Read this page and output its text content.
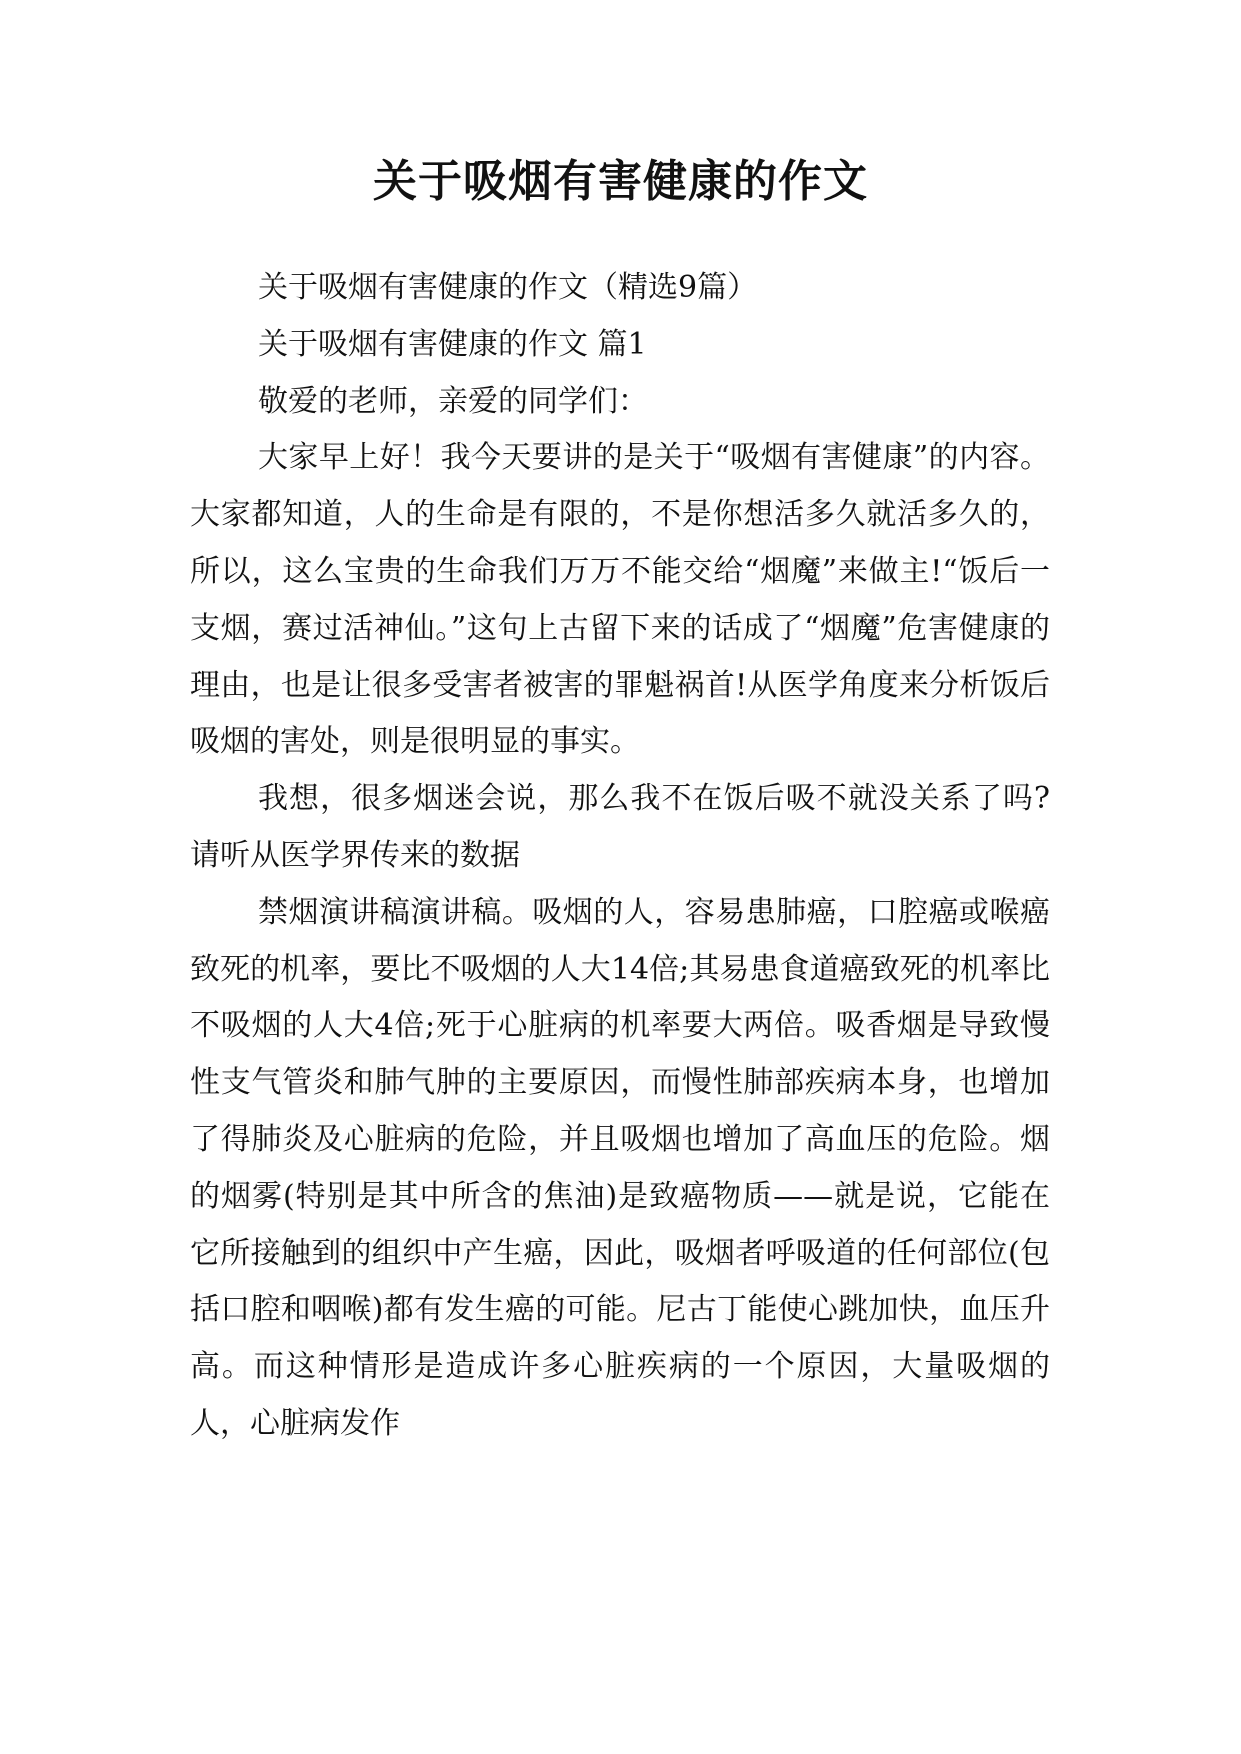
关于吸烟有害健康的作文

关于吸烟有害健康的作文（精选9篇）

关于吸烟有害健康的作文 篇1

敬爱的老师，亲爱的同学们：

大家早上好！我今天要讲的是关于“吸烟有害健康”的内容。 大家都知道，人的生命是有限的，不是你想活多久就活多久的，所以，这么宝贵的生命我们万万不能交给“烟魔”来做主!“饭后一支烟，赛过活神仙。”这句上古留下来的话成了“烟魔”危害健康的理由，也是让很多受害者被害的罪魁祸首!从医学角度来分析饭后吸烟的害处，则是很明显的事实。

我想，很多烟迷会说，那么我不在饭后吸不就没关系了吗?请听从医学界传来的数据

禁烟演讲稿演讲稿。吸烟的人，容易患肺癌，口腔癌或喉癌致死的机率，要比不吸烟的人大14倍;其易患食道癌致死的机率比不吸烟的人大4倍;死于心脏病的机率要大两倍。吸香烟是导致慢性支气管炎和肺气肿的主要原因，而慢性肺部疾病本身，也增加了得肺炎及心脏病的危险，并且吸烟也增加了高血压的危险。烟的烟雾(特别是其中所含的焦油)是致癌物质——就是说，它能在它所接触到的组织中产生癌，因此，吸烟者呼吸道的任何部位(包括口腔和咽喉)都有发生癌的可能。尼古丁能使心跳加快，血压升高。而这种情形是造成许多心脏疾病的一个原因，大量吸烟的人，心脏病发作
